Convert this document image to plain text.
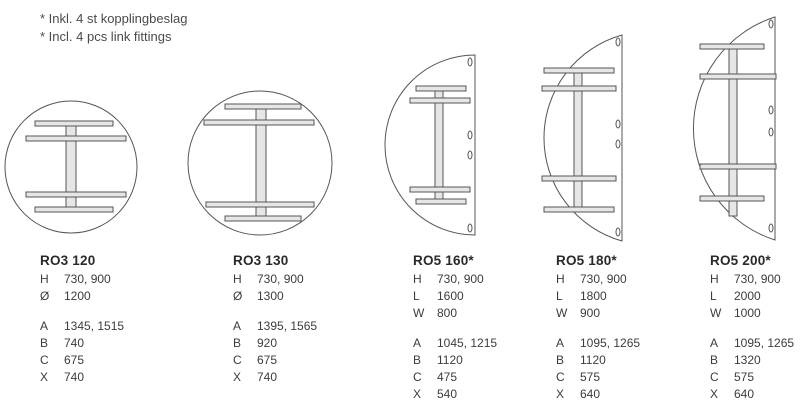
* Inkl. 4 st kopplingbeslag
* Incl. 4 pcs link fittings
RO3 120
H 730, 900
Ø 1200
A 1345, 1515
B 740
C 675
X 740
RO3 130
H 730, 900
Ø 1300
A 1395, 1565
B 920
C 675
X 740
RO5 160*
H 730, 900
L 1600
W 800
A 1045, 1215
B 1120
C 475
X 540
RO5 180*
H 730, 900
L 1800
W 900
A 1095, 1265
B 1120
C 575
X 640
RO5 200*
H 730, 900
L 2000
W 1000
A 1095, 1265
B 1320
C 575
X 640
